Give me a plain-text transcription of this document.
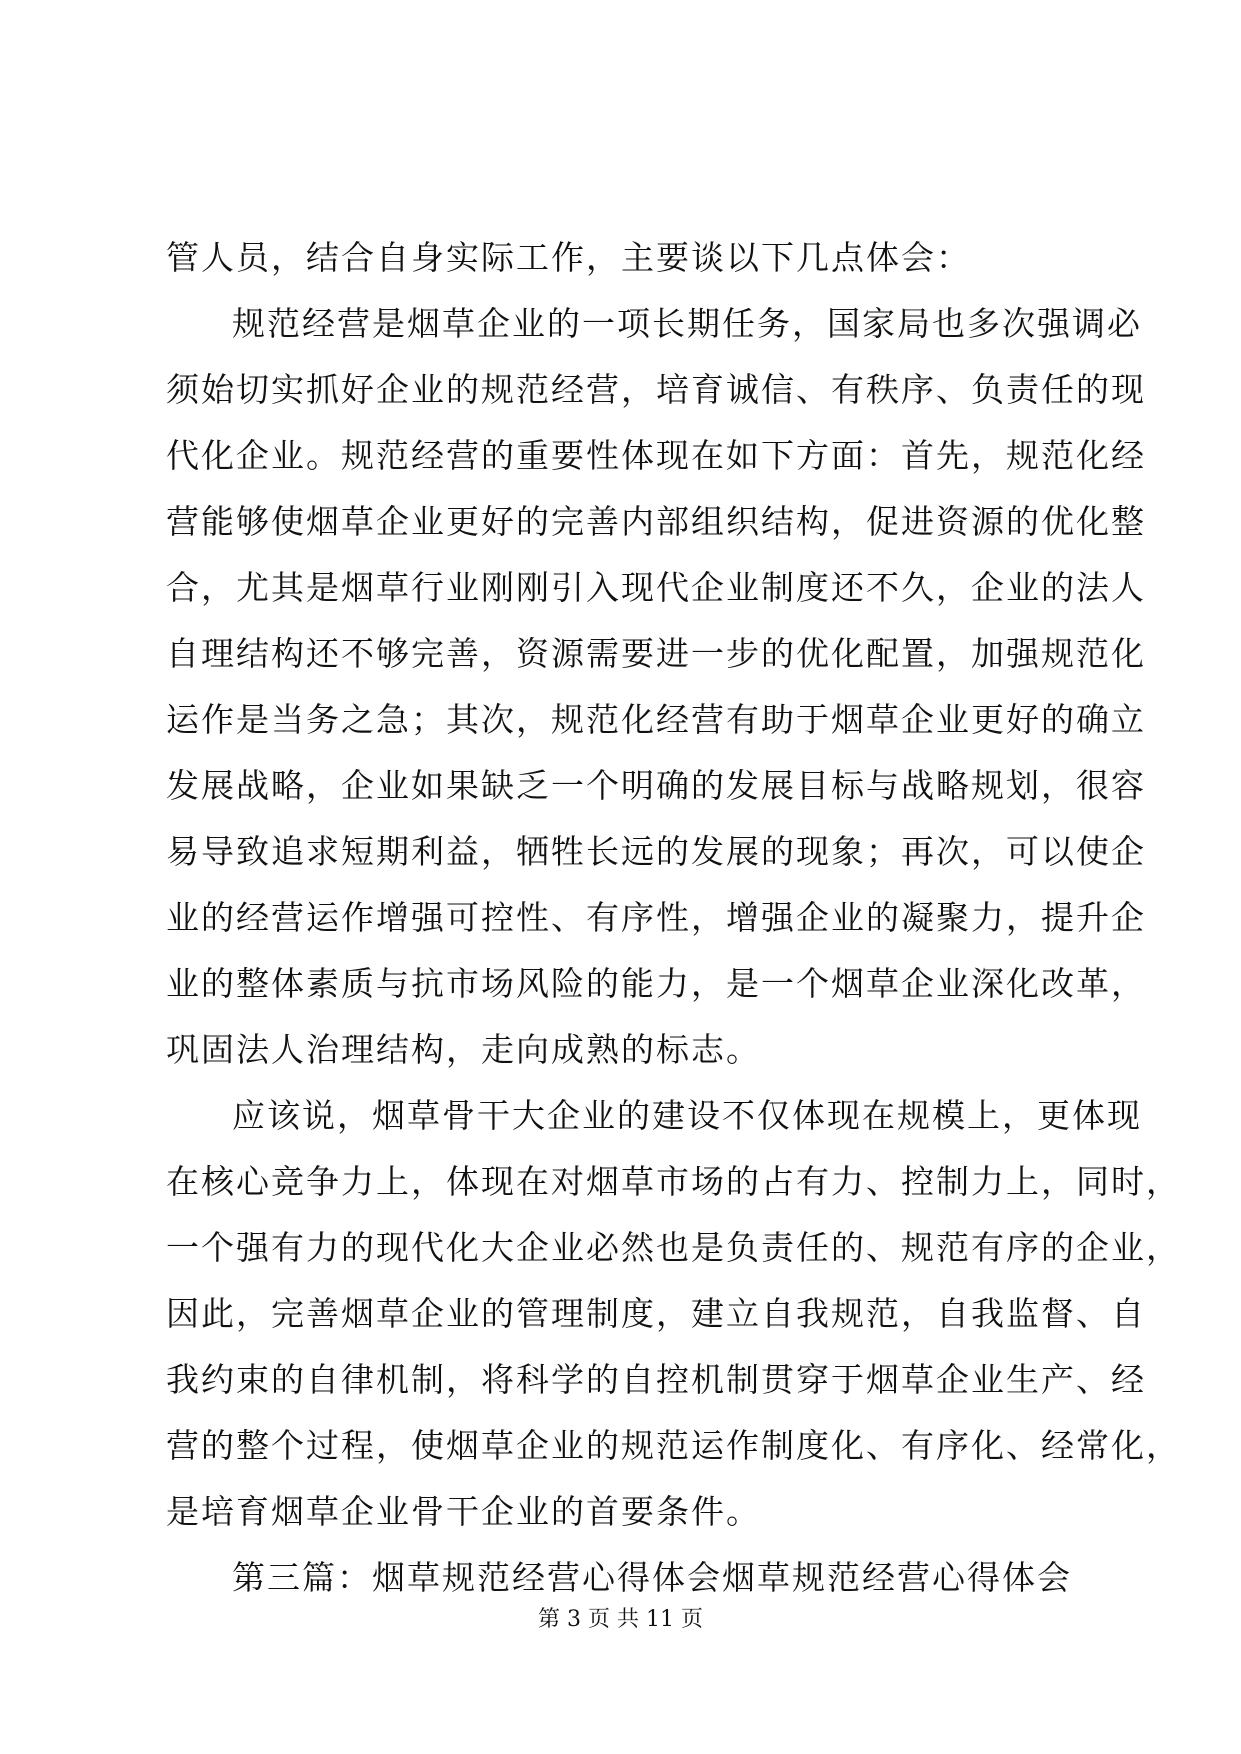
管人员，结合自身实际工作，主要谈以下几点体会：
规范经营是烟草企业的一项长期任务，国家局也多次强调必
须始切实抓好企业的规范经营，培育诚信、有秩序、负责任的现
代化企业。规范经营的重要性体现在如下方面：首先，规范化经
营能够使烟草企业更好的完善内部组织结构，促进资源的优化整
合，尤其是烟草行业刚刚引入现代企业制度还不久，企业的法人
自理结构还不够完善，资源需要进一步的优化配置，加强规范化
运作是当务之急；其次，规范化经营有助于烟草企业更好的确立
发展战略，企业如果缺乏一个明确的发展目标与战略规划，很容
易导致追求短期利益，牺牲长远的发展的现象；再次，可以使企
业的经营运作增强可控性、有序性，增强企业的凝聚力，提升企
业的整体素质与抗市场风险的能力，是一个烟草企业深化改革，
巩固法人治理结构，走向成熟的标志。
应该说，烟草骨干大企业的建设不仅体现在规模上，更体现
在核心竞争力上，体现在对烟草市场的占有力、控制力上，同时，
一个强有力的现代化大企业必然也是负责任的、规范有序的企业，
因此，完善烟草企业的管理制度，建立自我规范，自我监督、自
我约束的自律机制，将科学的自控机制贯穿于烟草企业生产、经
营的整个过程，使烟草企业的规范运作制度化、有序化、经常化，
是培育烟草企业骨干企业的首要条件。
第三篇：烟草规范经营心得体会烟草规范经营心得体会
第 3 页 共 11 页
